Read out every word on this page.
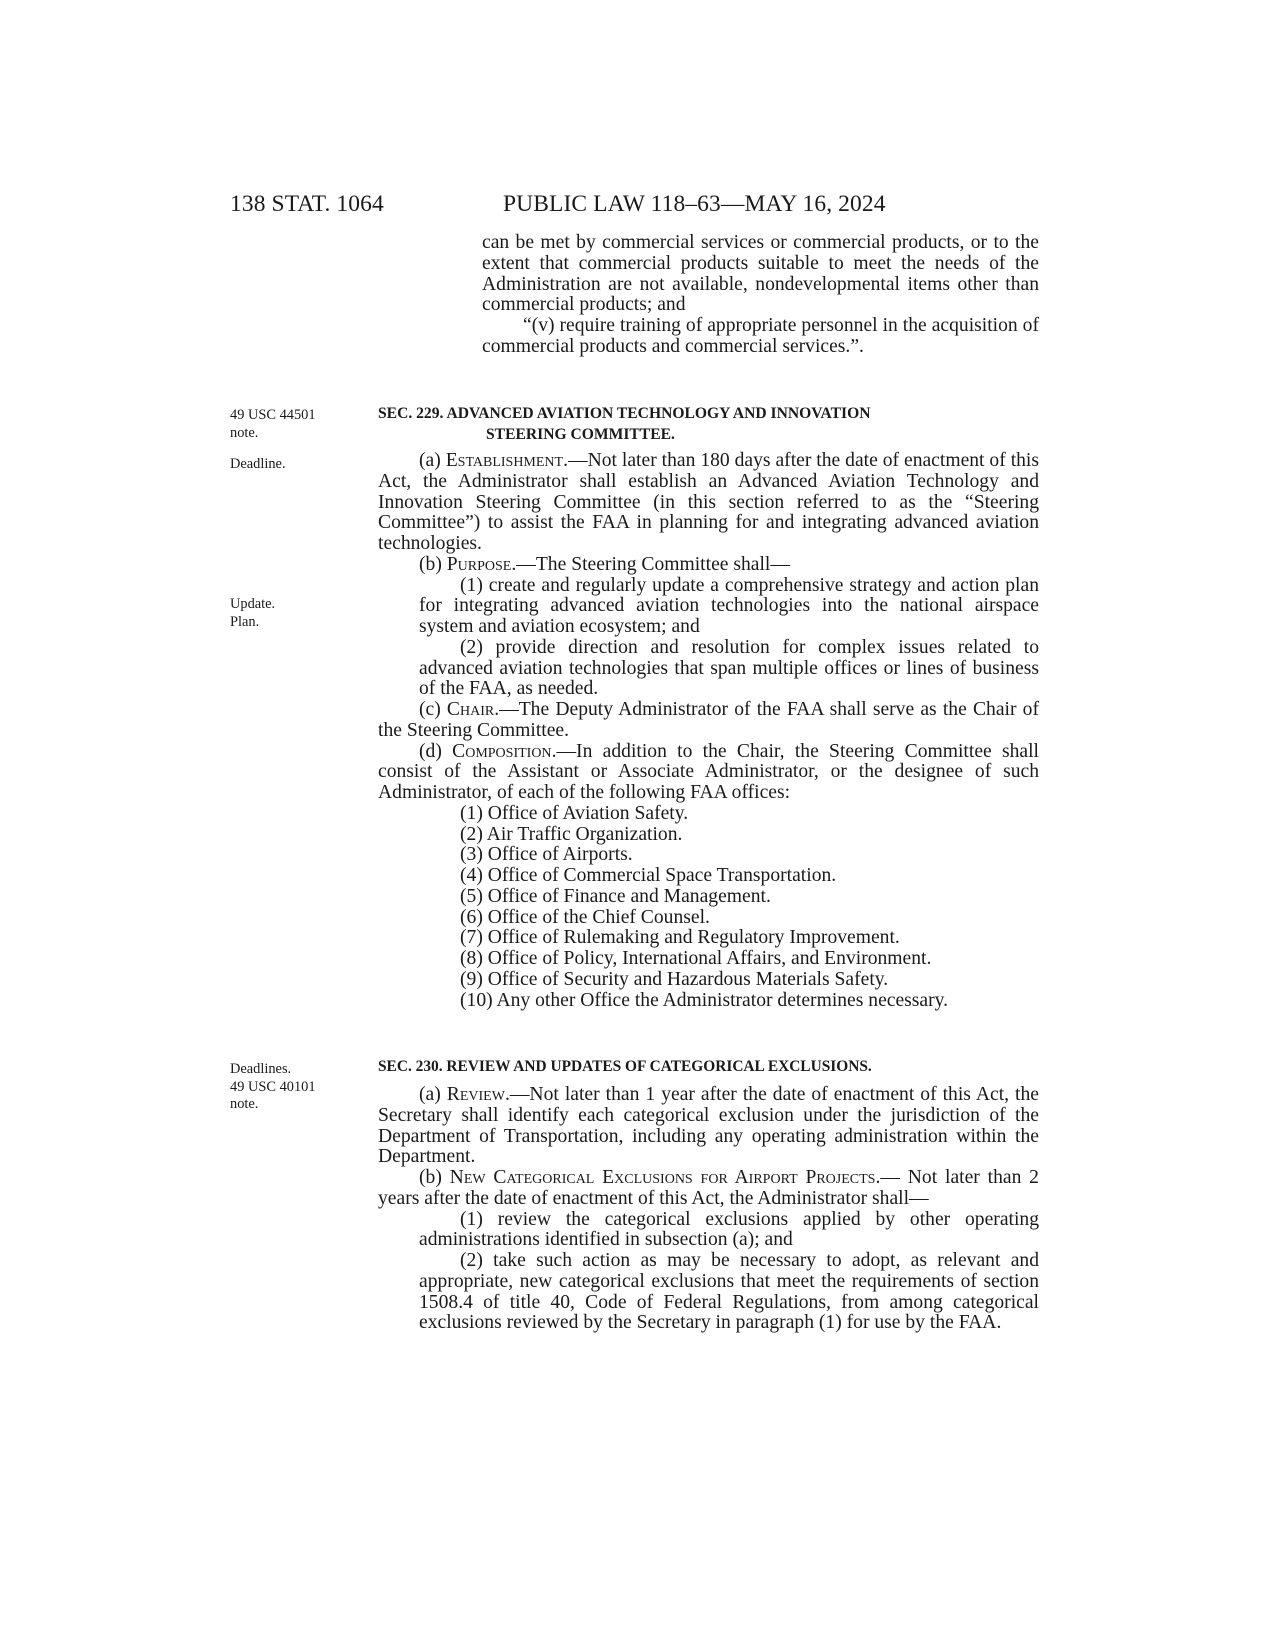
138 STAT. 1064	PUBLIC LAW 118–63—MAY 16, 2024

can be met by commercial services or commercial products, or to the extent that commercial products suitable to meet the needs of the Administration are not available, nondevelopmental items other than commercial products; and

“(v) require training of appropriate personnel in the acquisition of commercial products and commercial services.”.

49 USC 44501
note.
SEC. 229. ADVANCED AVIATION TECHNOLOGY AND INNOVATION
STEERING COMMITTEE.
Deadline.	(a) Establishment.—Not later than 180 days after the date of enactment of this Act, the Administrator shall establish an Advanced Aviation Technology and Innovation Steering Committee (in this section referred to as the “Steering Committee”) to assist the FAA in planning for and integrating advanced aviation technologies.

(b) Purpose.—The Steering Committee shall—

(1) create and regularly update a comprehensive strategy and action plan for integrating advanced aviation technologies into the national airspace system and aviation ecosystem; and

(2) provide direction and resolution for complex issues related to advanced aviation technologies that span multiple offices or lines of business of the FAA, as needed.

(c) Chair.—The Deputy Administrator of the FAA shall serve as the Chair of the Steering Committee.

(d) Composition.—In addition to the Chair, the Steering Committee shall consist of the Assistant or Associate Administrator, or the designee of such Administrator, of each of the following FAA offices:

(1) Office of Aviation Safety.

(2) Air Traffic Organization.

(3) Office of Airports.

(4) Office of Commercial Space Transportation.

(5) Office of Finance and Management.

(6) Office of the Chief Counsel.

(7) Office of Rulemaking and Regulatory Improvement.

(8) Office of Policy, International Affairs, and Environment.

(9) Office of Security and Hazardous Materials Safety.

(10) Any other Office the Administrator determines necessary.

Update.
Plan.
Deadlines.
49 USC 40101
note.
SEC. 230. REVIEW AND UPDATES OF CATEGORICAL EXCLUSIONS.

(a) Review.—Not later than 1 year after the date of enactment of this Act, the Secretary shall identify each categorical exclusion under the jurisdiction of the Department of Transportation, including any operating administration within the Department.

(b) New Categorical Exclusions for Airport Projects.— Not later than 2 years after the date of enactment of this Act, the Administrator shall—

(1) review the categorical exclusions applied by other operating administrations identified in subsection (a); and

(2) take such action as may be necessary to adopt, as relevant and appropriate, new categorical exclusions that meet the requirements of section 1508.4 of title 40, Code of Federal Regulations, from among categorical exclusions reviewed by the Secretary in paragraph (1) for use by the FAA.
